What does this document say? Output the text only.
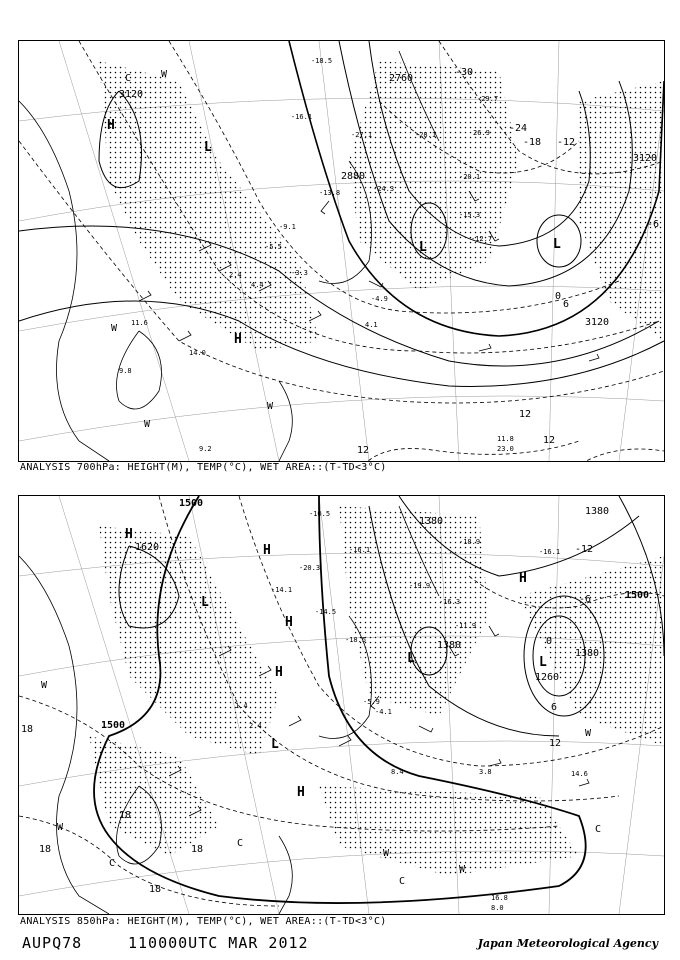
L	L
L
H
H
C	W
W
W
W
3120
3120
3120
2760
2880
-30
-24
-18 -12
-6
0
6
12
12
12
-18.5
-16.1
-27.1	-28.1	26.9
-20.1
-13.8
-9.1
-5.5
-3.3
2.4
4.4
-4.9
11.6
14.0
9.8
11.8
23.0
-12.7
-15.3
-24.3
-29.7
9.2
4.1
ANALYSIS 700hPa: HEIGHT(M), TEMP(°C), WET AREA::(T-TD<3°C)
H
H
H
H
H
H
L
L	L
L
C
C
C
C
W
W
W
W
W
1500
1500
1500
1620
1380
1380
1380
1380
1260
-12
-6
0
6
12
18
18
18
18
18
-10.5
-20.3
-14.1
-14.5
-16.1
-18.5
-19.9
-16.3
-11.9
-5.9
-4.1
1.4
2.4
8.4	14.6
16.8
-18.9
-16.1
3.8
8.0
ANALYSIS 850hPa: HEIGHT(M), TEMP(°C), WET AREA::(T-TD<3°C)
AUPQ78	110000UTC MAR 2012	Japan Meteorological Agency
